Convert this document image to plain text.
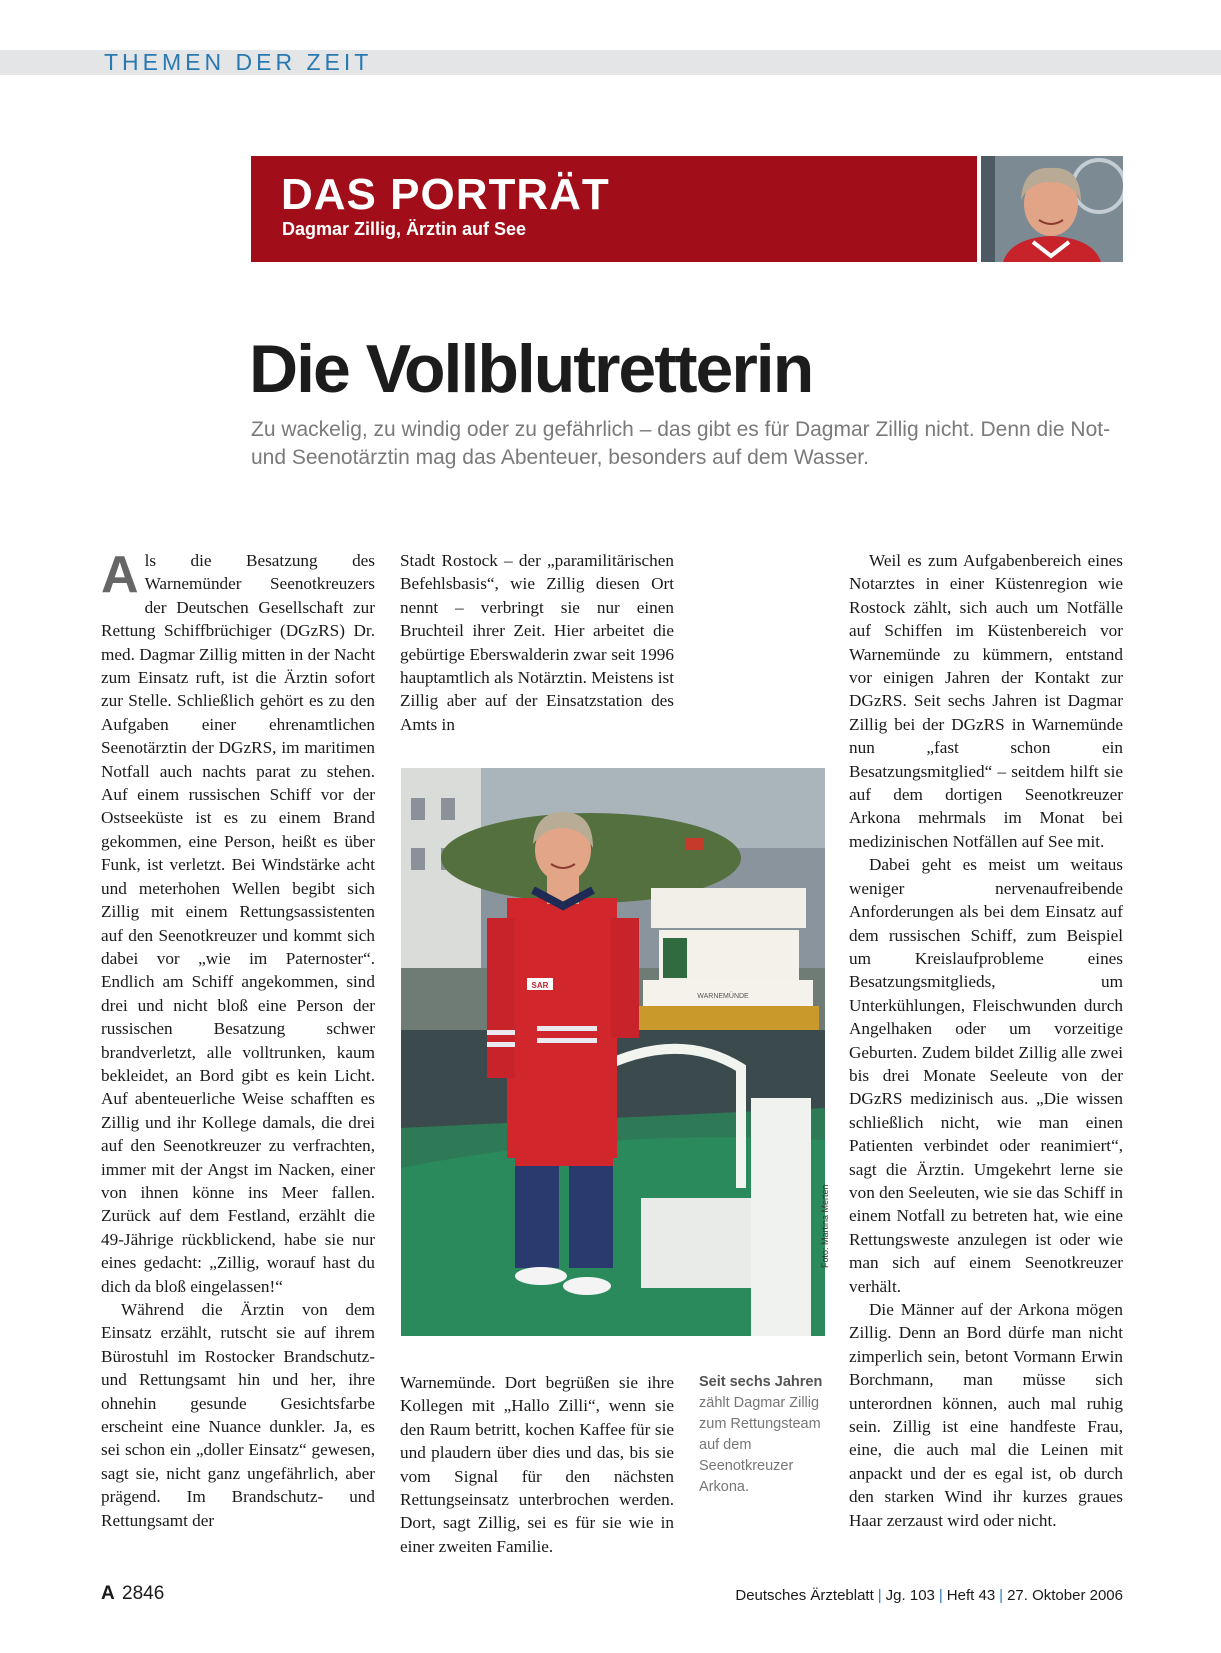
THEMEN DER ZEIT
DAS PORTRÄT
Dagmar Zillig, Ärztin auf See
Die Vollblutretterin
Zu wackelig, zu windig oder zu gefährlich – das gibt es für Dagmar Zillig nicht. Denn die Not- und Seenotärztin mag das Abenteuer, besonders auf dem Wasser.

Als die Besatzung des Warnemünder Seenotkreuzers der Deutschen Gesellschaft zur Rettung Schiffbrüchiger (DGzRS) Dr. med. Dagmar Zillig mitten in der Nacht zum Einsatz ruft, ist die Ärztin sofort zur Stelle. Schließlich gehört es zu den Aufgaben einer ehrenamtlichen Seenotärztin der DGzRS, im maritimen Notfall auch nachts parat zu stehen. Auf einem russischen Schiff vor der Ostseeküste ist es zu einem Brand gekommen, eine Person, heißt es über Funk, ist verletzt. Bei Windstärke acht und meterhohen Wellen begibt sich Zillig mit einem Rettungsassistenten auf den Seenotkreuzer und kommt sich dabei vor „wie im Paternoster“. Endlich am Schiff angekommen, sind drei und nicht bloß eine Person der russischen Besatzung schwer brandverletzt, alle volltrunken, kaum bekleidet, an Bord gibt es kein Licht. Auf abenteuerliche Weise schafften es Zillig und ihr Kollege damals, die drei auf den Seenotkreuzer zu verfrachten, immer mit der Angst im Nacken, einer von ihnen könne ins Meer fallen. Zurück auf dem Festland, erzählt die 49-Jährige rückblickend, habe sie nur eines gedacht: „Zillig, worauf hast du dich da bloß eingelassen!“

Während die Ärztin von dem Einsatz erzählt, rutscht sie auf ihrem Bürostuhl im Rostocker Brandschutz- und Rettungsamt hin und her, ihre ohnehin gesunde Gesichtsfarbe erscheint eine Nuance dunkler. Ja, es sei schon ein „doller Einsatz“ gewesen, sagt sie, nicht ganz ungefährlich, aber prägend. Im Brandschutz- und Rettungsamt der

Stadt Rostock – der „paramilitärischen Befehlsbasis“, wie Zillig diesen Ort nennt – verbringt sie nur einen Bruchteil ihrer Zeit. Hier arbeitet die gebürtige Eberswalderin zwar seit 1996 hauptamtlich als Notärztin. Meistens ist Zillig aber auf der Einsatzstation des Amts in

WARNEMÜNDE
SAR
Foto: Martina Merten

Warnemünde. Dort begrüßen sie ihre Kollegen mit „Hallo Zilli“, wenn sie den Raum betritt, kochen Kaffee für sie und plaudern über dies und das, bis sie vom Signal für den nächsten Rettungseinsatz unterbrochen werden. Dort, sagt Zillig, sei es für sie wie in einer zweiten Familie.

Seit sechs Jahren zählt Dagmar Zillig zum Rettungsteam auf dem Seenotkreuzer Arkona.

Weil es zum Aufgabenbereich eines Notarztes in einer Küstenregion wie Rostock zählt, sich auch um Notfälle auf Schiffen im Küstenbereich vor Warnemünde zu kümmern, entstand vor einigen Jahren der Kontakt zur DGzRS. Seit sechs Jahren ist Dagmar Zillig bei der DGzRS in Warnemünde nun „fast schon ein Besatzungsmitglied“ – seitdem hilft sie auf dem dortigen Seenotkreuzer Arkona mehrmals im Monat bei medizinischen Notfällen auf See mit.

Dabei geht es meist um weitaus weniger nervenaufreibende Anforderungen als bei dem Einsatz auf dem russischen Schiff, zum Beispiel um Kreislaufprobleme eines Besatzungsmitglieds, um Unterkühlungen, Fleischwunden durch Angelhaken oder um vorzeitige Geburten. Zudem bildet Zillig alle zwei bis drei Monate Seeleute von der DGzRS medizinisch aus. „Die wissen schließlich nicht, wie man einen Patienten verbindet oder reanimiert“, sagt die Ärztin. Umgekehrt lerne sie von den Seeleuten, wie sie das Schiff in einem Notfall zu betreten hat, wie eine Rettungsweste anzulegen ist oder wie man sich auf einem Seenotkreuzer verhält.

Die Männer auf der Arkona mögen Zillig. Denn an Bord dürfe man nicht zimperlich sein, betont Vormann Erwin Borchmann, man müsse sich unterordnen können, auch mal ruhig sein. Zillig ist eine handfeste Frau, eine, die auch mal die Leinen mit anpackt und der es egal ist, ob durch den starken Wind ihr kurzes graues Haar zerzaust wird oder nicht.

A 2846	Deutsches Ärzteblatt | Jg. 103 | Heft 43 | 27. Oktober 2006
